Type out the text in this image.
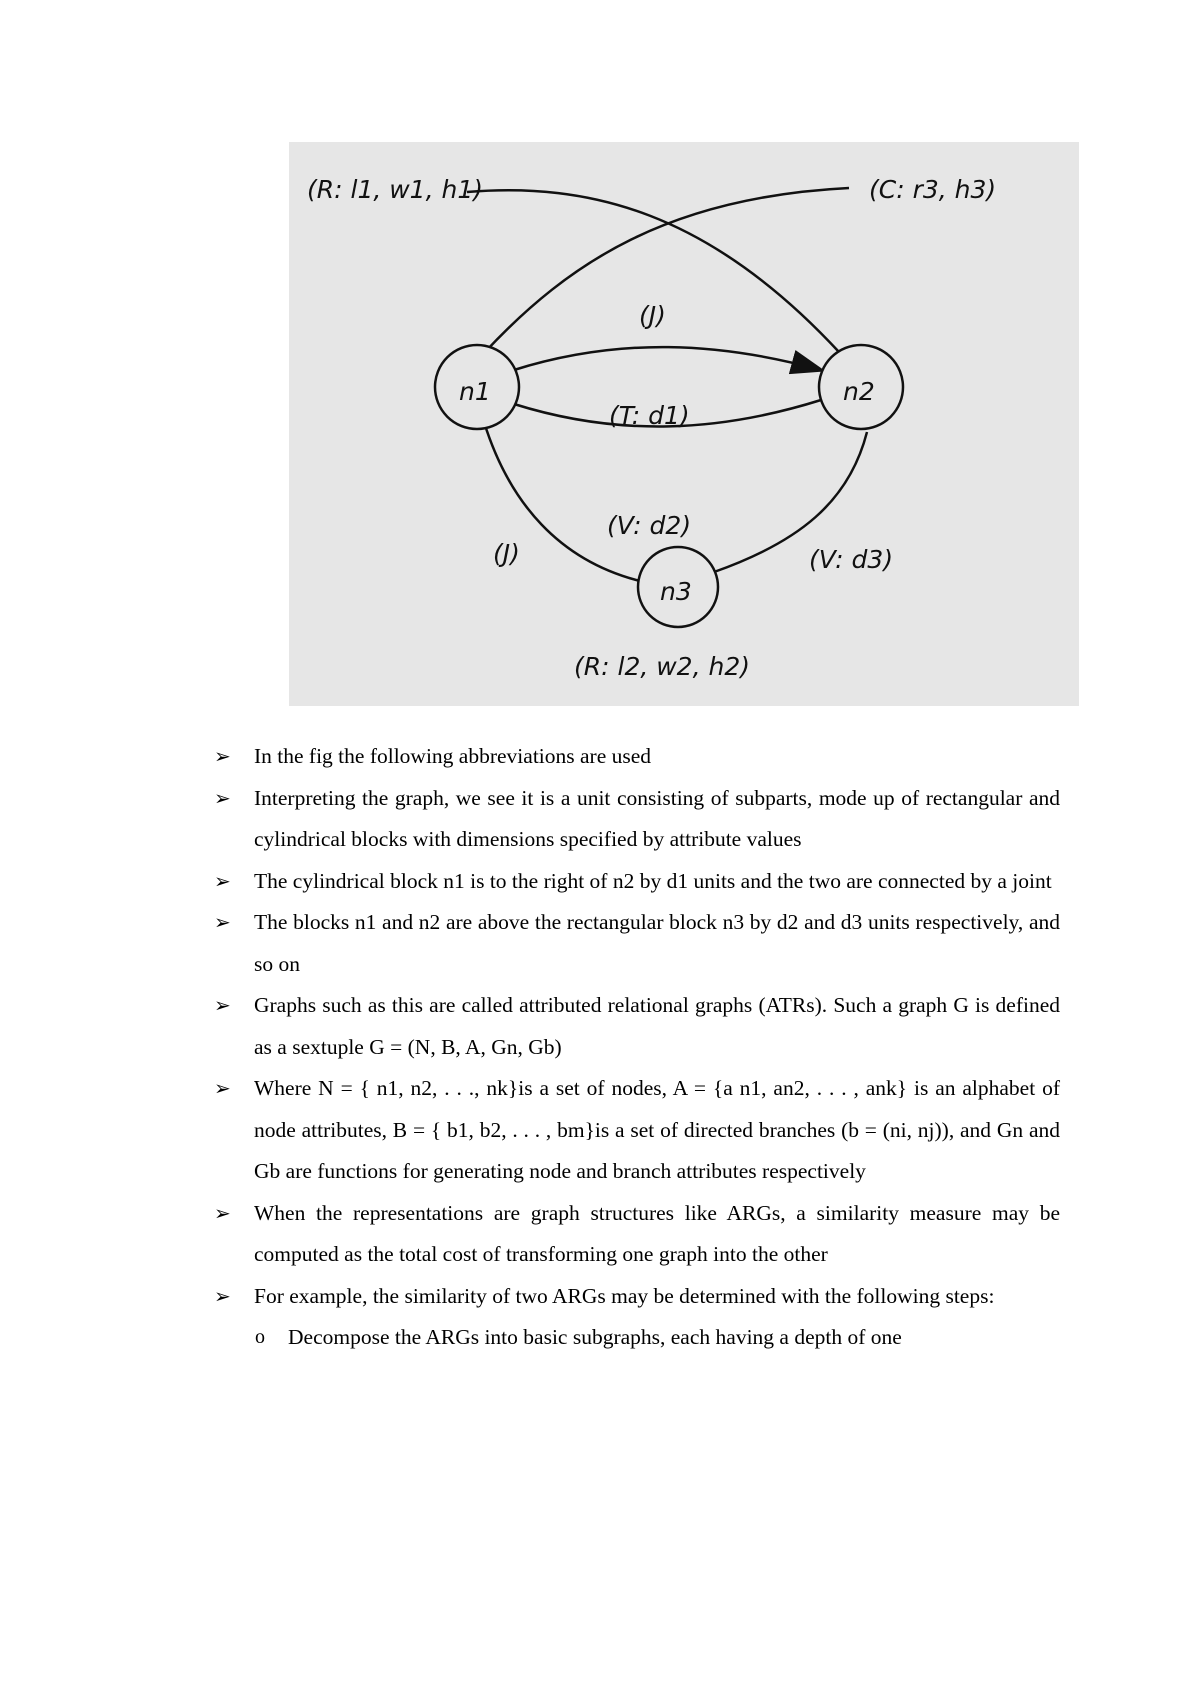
n1	n2
n3
(R: l1, w1, h1)	(C: r3, h3)
(J)
(T: d1)
(V: d2)
(J)	(V: d3)
(R: l2, w2, h2)
➢ In the fig the following abbreviations are used
➢ Interpreting the graph, we see it is a unit consisting of subparts, mode up of rectangular and cylindrical blocks with dimensions specified by attribute values
➢ The cylindrical block n1 is to the right of n2 by d1 units and the two are connected by a joint
➢ The blocks n1 and n2 are above the rectangular block n3 by d2 and d3 units respectively, and so on
➢ Graphs such as this are called attributed relational graphs (ATRs). Such a graph G is defined as a sextuple G = (N, B, A, Gn, Gb)
➢ Where N = { n1, n2, . . ., nk}is a set of nodes, A = {a n1, an2, . . . , ank} is an alphabet of node attributes, B = { b1, b2, . . . , bm}is a set of directed branches (b = (ni, nj)), and Gn and Gb are functions for generating node and branch attributes respectively
➢ When the representations are graph structures like ARGs, a similarity measure may be computed as the total cost of transforming one graph into the other
➢ For example, the similarity of two ARGs may be determined with the following steps:
o Decompose the ARGs into basic subgraphs, each having a depth of one
